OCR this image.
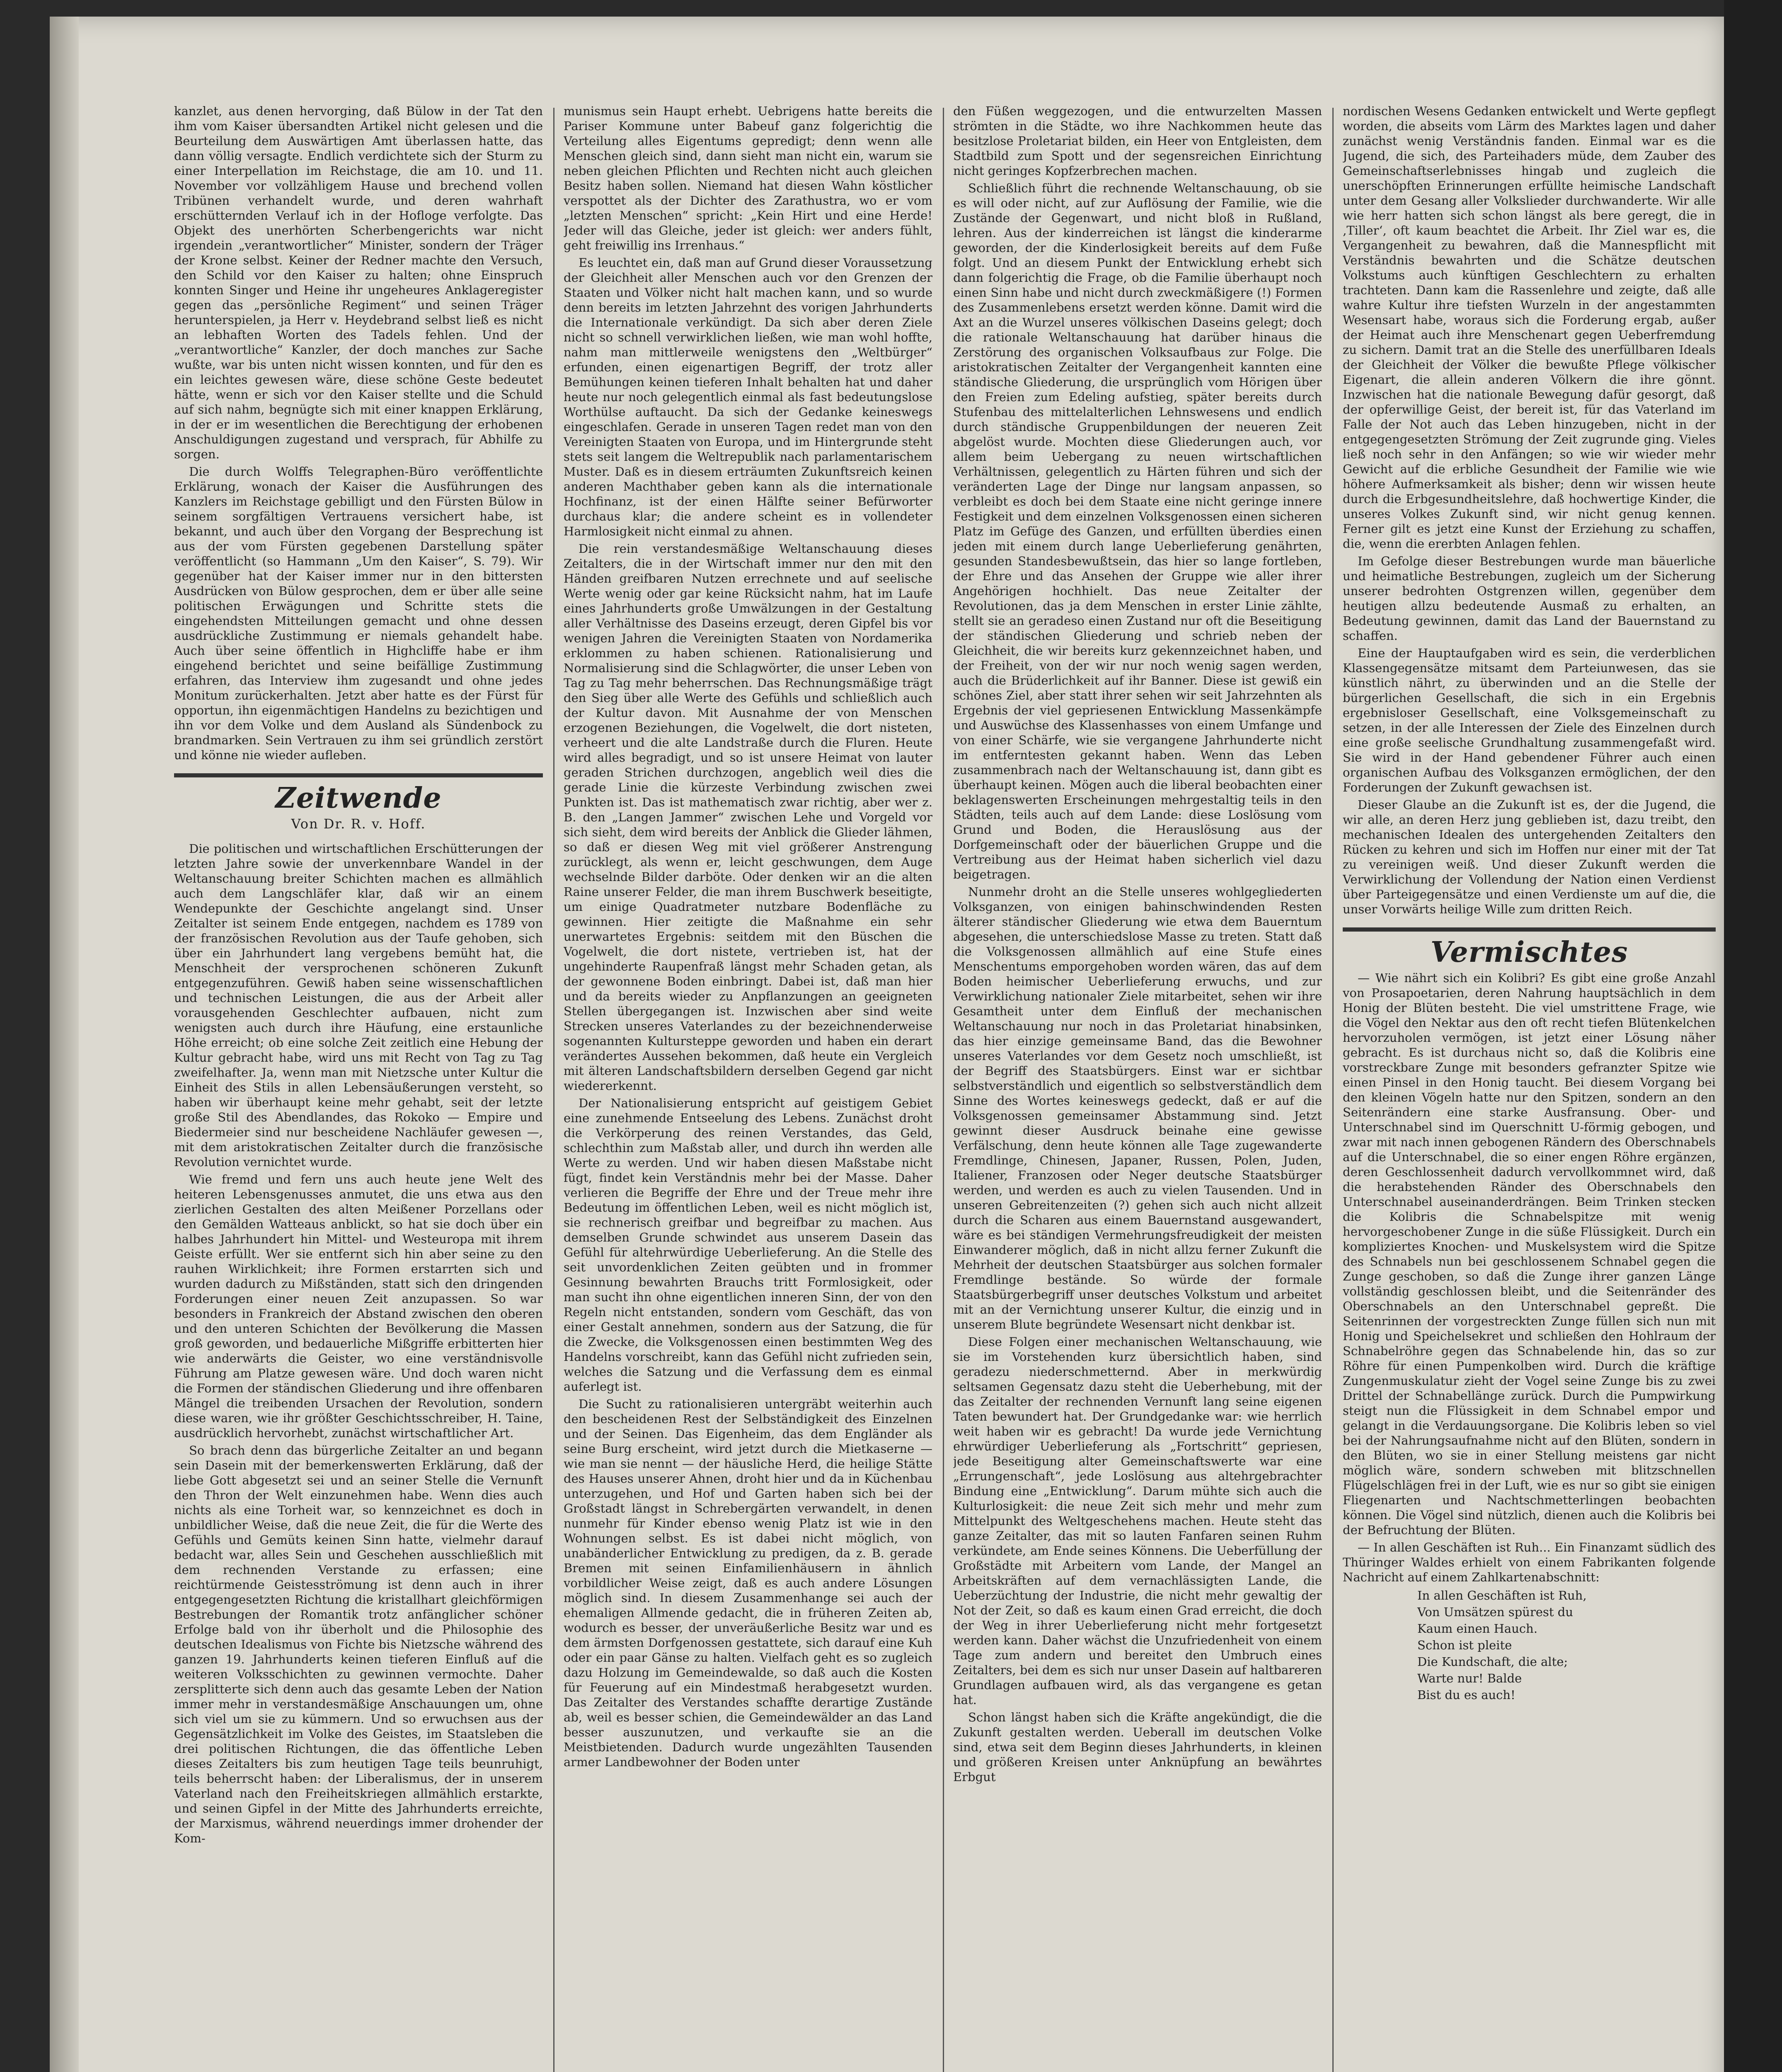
kanzlet, aus denen hervorging, daß Bülow in der Tat den ihm vom Kaiser übersandten Artikel nicht gelesen und die Beurteilung dem Auswärtigen Amt überlassen hatte, das dann völlig versagte. Endlich verdichtete sich der Sturm zu einer Interpellation im Reichstage, die am 10. und 11. November vor vollzähligem Hause und brechend vollen Tribünen verhandelt wurde, und deren wahrhaft erschütternden Verlauf ich in der Hofloge verfolgte. Das Objekt des unerhörten Scherbengerichts war nicht irgendein „verantwortlicher“ Minister, sondern der Träger der Krone selbst. Keiner der Redner machte den Versuch, den Schild vor den Kaiser zu halten; ohne Einspruch konnten Singer und Heine ihr ungeheures Anklageregister gegen das „persönliche Regiment“ und seinen Träger herunterspielen, ja Herr v. Heydebrand selbst ließ es nicht an lebhaften Worten des Tadels fehlen. Und der „verantwortliche“ Kanzler, der doch manches zur Sache wußte, war bis unten nicht wissen konnten, und für den es ein leichtes gewesen wäre, diese schöne Geste bedeutet hätte, wenn er sich vor den Kaiser stellte und die Schuld auf sich nahm, begnügte sich mit einer knappen Erklärung, in der er im wesentlichen die Berechtigung der erhobenen Anschuldigungen zugestand und versprach, für Abhilfe zu sorgen.

Die durch Wolffs Telegraphen-Büro veröffentlichte Erklärung, wonach der Kaiser die Ausführungen des Kanzlers im Reichstage gebilligt und den Fürsten Bülow in seinem sorgfältigen Vertrauens versichert habe, ist bekannt, und auch über den Vorgang der Besprechung ist aus der vom Fürsten gegebenen Darstellung später veröffentlicht (so Hammann „Um den Kaiser“, S. 79). Wir gegenüber hat der Kaiser immer nur in den bittersten Ausdrücken von Bülow gesprochen, dem er über alle seine politischen Erwägungen und Schritte stets die eingehendsten Mitteilungen gemacht und ohne dessen ausdrückliche Zustimmung er niemals gehandelt habe. Auch über seine öffentlich in Highcliffe habe er ihm eingehend berichtet und seine beifällige Zustimmung erfahren, das Interview ihm zugesandt und ohne jedes Monitum zurückerhalten. Jetzt aber hatte es der Fürst für opportun, ihn eigenmächtigen Handelns zu bezichtigen und ihn vor dem Volke und dem Ausland als Sündenbock zu brandmarken. Sein Vertrauen zu ihm sei gründlich zerstört und könne nie wieder aufleben.

Zeitwende
Von Dr. R. v. Hoff.

Die politischen und wirtschaftlichen Erschütterungen der letzten Jahre sowie der unverkennbare Wandel in der Weltanschauung breiter Schichten machen es allmählich auch dem Langschläfer klar, daß wir an einem Wendepunkte der Geschichte angelangt sind. Unser Zeitalter ist seinem Ende entgegen, nachdem es 1789 von der französischen Revolution aus der Taufe gehoben, sich über ein Jahrhundert lang vergebens bemüht hat, die Menschheit der versprochenen schöneren Zukunft entgegenzuführen. Gewiß haben seine wissenschaftlichen und technischen Leistungen, die aus der Arbeit aller vorausgehenden Geschlechter aufbauen, nicht zum wenigsten auch durch ihre Häufung, eine erstaunliche Höhe erreicht; ob eine solche Zeit zeitlich eine Hebung der Kultur gebracht habe, wird uns mit Recht von Tag zu Tag zweifelhafter. Ja, wenn man mit Nietzsche unter Kultur die Einheit des Stils in allen Lebensäußerungen versteht, so haben wir überhaupt keine mehr gehabt, seit der letzte große Stil des Abendlandes, das Rokoko — Empire und Biedermeier sind nur bescheidene Nachläufer gewesen —, mit dem aristokratischen Zeitalter durch die französische Revolution vernichtet wurde.

Wie fremd und fern uns auch heute jene Welt des heiteren Lebensgenusses anmutet, die uns etwa aus den zierlichen Gestalten des alten Meißener Porzellans oder den Gemälden Watteaus anblickt, so hat sie doch über ein halbes Jahrhundert hin Mittel- und Westeuropa mit ihrem Geiste erfüllt. Wer sie entfernt sich hin aber seine zu den rauhen Wirklichkeit; ihre Formen erstarrten sich und wurden dadurch zu Mißständen, statt sich den dringenden Forderungen einer neuen Zeit anzupassen. So war besonders in Frankreich der Abstand zwischen den oberen und den unteren Schichten der Bevölkerung die Massen groß geworden, und bedauerliche Mißgriffe erbitterten hier wie anderwärts die Geister, wo eine verständnisvolle Führung am Platze gewesen wäre. Und doch waren nicht die Formen der ständischen Gliederung und ihre offenbaren Mängel die treibenden Ursachen der Revolution, sondern diese waren, wie ihr größter Geschichtsschreiber, H. Taine, ausdrücklich hervorhebt, zunächst wirtschaftlicher Art.

So brach denn das bürgerliche Zeitalter an und begann sein Dasein mit der bemerkenswerten Erklärung, daß der liebe Gott abgesetzt sei und an seiner Stelle die Vernunft den Thron der Welt einzunehmen habe. Wenn dies auch nichts als eine Torheit war, so kennzeichnet es doch in unbildlicher Weise, daß die neue Zeit, die für die Werte des Gefühls und Gemüts keinen Sinn hatte, vielmehr darauf bedacht war, alles Sein und Geschehen ausschließlich mit dem rechnenden Verstande zu erfassen; eine reichtürmende Geistesströmung ist denn auch in ihrer entgegengesetzten Richtung die kristallhart gleichförmigen Bestrebungen der Romantik trotz anfänglicher schöner Erfolge bald von ihr überholt und die Philosophie des deutschen Idealismus von Fichte bis Nietzsche während des ganzen 19. Jahrhunderts keinen tieferen Einfluß auf die weiteren Volksschichten zu gewinnen vermochte. Daher zersplitterte sich denn auch das gesamte Leben der Nation immer mehr in verstandesmäßige Anschauungen um, ohne sich viel um sie zu kümmern. Und so erwuchsen aus der Gegensätzlichkeit im Volke des Geistes, im Staatsleben die drei politischen Richtungen, die das öffentliche Leben dieses Zeitalters bis zum heutigen Tage teils beunruhigt, teils beherrscht haben: der Liberalismus, der in unserem Vaterland nach den Freiheitskriegen allmählich erstarkte, und seinen Gipfel in der Mitte des Jahrhunderts erreichte, der Marxismus, während neuerdings immer drohender der Kom-

munismus sein Haupt erhebt. Uebrigens hatte bereits die Pariser Kommune unter Babeuf ganz folgerichtig die Verteilung alles Eigentums gepredigt; denn wenn alle Menschen gleich sind, dann sieht man nicht ein, warum sie neben gleichen Pflichten und Rechten nicht auch gleichen Besitz haben sollen. Niemand hat diesen Wahn köstlicher verspottet als der Dichter des Zarathustra, wo er vom „letzten Menschen“ spricht: „Kein Hirt und eine Herde! Jeder will das Gleiche, jeder ist gleich: wer anders fühlt, geht freiwillig ins Irrenhaus.“

Es leuchtet ein, daß man auf Grund dieser Voraussetzung der Gleichheit aller Menschen auch vor den Grenzen der Staaten und Völker nicht halt machen kann, und so wurde denn bereits im letzten Jahrzehnt des vorigen Jahrhunderts die Internationale verkündigt. Da sich aber deren Ziele nicht so schnell verwirklichen ließen, wie man wohl hoffte, nahm man mittlerweile wenigstens den „Weltbürger“ erfunden, einen eigenartigen Begriff, der trotz aller Bemühungen keinen tieferen Inhalt behalten hat und daher heute nur noch gelegentlich einmal als fast bedeutungslose Worthülse auftaucht. Da sich der Gedanke keineswegs eingeschlafen. Gerade in unseren Tagen redet man von den Vereinigten Staaten von Europa, und im Hintergrunde steht stets seit langem die Weltrepublik nach parlamentarischem Muster. Daß es in diesem erträumten Zukunftsreich keinen anderen Machthaber geben kann als die internationale Hochfinanz, ist der einen Hälfte seiner Befürworter durchaus klar; die andere scheint es in vollendeter Harmlosigkeit nicht einmal zu ahnen.

Die rein verstandesmäßige Weltanschauung dieses Zeitalters, die in der Wirtschaft immer nur den mit den Händen greifbaren Nutzen errechnete und auf seelische Werte wenig oder gar keine Rücksicht nahm, hat im Laufe eines Jahrhunderts große Umwälzungen in der Gestaltung aller Verhältnisse des Daseins erzeugt, deren Gipfel bis vor wenigen Jahren die Vereinigten Staaten von Nordamerika erklommen zu haben schienen. Rationalisierung und Normalisierung sind die Schlagwörter, die unser Leben von Tag zu Tag mehr beherrschen. Das Rechnungsmäßige trägt den Sieg über alle Werte des Gefühls und schließlich auch der Kultur davon. Mit Ausnahme der von Menschen erzogenen Beziehungen, die Vogelwelt, die dort nisteten, verheert und die alte Landstraße durch die Fluren. Heute wird alles begradigt, und so ist unsere Heimat von lauter geraden Strichen durchzogen, angeblich weil dies die gerade Linie die kürzeste Verbindung zwischen zwei Punkten ist. Das ist mathematisch zwar richtig, aber wer z. B. den „Langen Jammer“ zwischen Lehe und Vorgeld vor sich sieht, dem wird bereits der Anblick die Glieder lähmen, so daß er diesen Weg mit viel größerer Anstrengung zurücklegt, als wenn er, leicht geschwungen, dem Auge wechselnde Bilder darböte. Oder denken wir an die alten Raine unserer Felder, die man ihrem Buschwerk beseitigte, um einige Quadratmeter nutzbare Bodenfläche zu gewinnen. Hier zeitigte die Maßnahme ein sehr unerwartetes Ergebnis: seitdem mit den Büschen die Vogelwelt, die dort nistete, vertrieben ist, hat der ungehinderte Raupenfraß längst mehr Schaden getan, als der gewonnene Boden einbringt. Dabei ist, daß man hier und da bereits wieder zu Anpflanzungen an geeigneten Stellen übergegangen ist. Inzwischen aber sind weite Strecken unseres Vaterlandes zu der bezeichnenderweise sogenannten Kultursteppe geworden und haben ein derart verändertes Aussehen bekommen, daß heute ein Vergleich mit älteren Landschaftsbildern derselben Gegend gar nicht wiedererkennt.

Der Nationalisierung entspricht auf geistigem Gebiet eine zunehmende Entseelung des Lebens. Zunächst droht die Verkörperung des reinen Verstandes, das Geld, schlechthin zum Maßstab aller, und durch ihn werden alle Werte zu werden. Und wir haben diesen Maßstabe nicht fügt, findet kein Verständnis mehr bei der Masse. Daher verlieren die Begriffe der Ehre und der Treue mehr ihre Bedeutung im öffentlichen Leben, weil es nicht möglich ist, sie rechnerisch greifbar und begreifbar zu machen. Aus demselben Grunde schwindet aus unserem Dasein das Gefühl für altehrwürdige Ueberlieferung. An die Stelle des seit unvordenklichen Zeiten geübten und in frommer Gesinnung bewahrten Brauchs tritt Formlosigkeit, oder man sucht ihn ohne eigentlichen inneren Sinn, der von den Regeln nicht entstanden, sondern vom Geschäft, das von einer Gestalt annehmen, sondern aus der Satzung, die für die Zwecke, die Volksgenossen einen bestimmten Weg des Handelns vorschreibt, kann das Gefühl nicht zufrieden sein, welches die Satzung und die Verfassung dem es einmal auferlegt ist.

Die Sucht zu rationalisieren untergräbt weiterhin auch den bescheidenen Rest der Selbständigkeit des Einzelnen und der Seinen. Das Eigenheim, das dem Engländer als seine Burg erscheint, wird jetzt durch die Mietkaserne — wie man sie nennt — der häusliche Herd, die heilige Stätte des Hauses unserer Ahnen, droht hier und da in Küchenbau unterzugehen, und Hof und Garten haben sich bei der Großstadt längst in Schrebergärten verwandelt, in denen nunmehr für Kinder ebenso wenig Platz ist wie in den Wohnungen selbst. Es ist dabei nicht möglich, von unabänderlicher Entwicklung zu predigen, da z. B. gerade Bremen mit seinen Einfamilienhäusern in ähnlich vorbildlicher Weise zeigt, daß es auch andere Lösungen möglich sind. In diesem Zusammenhange sei auch der ehemaligen Allmende gedacht, die in früheren Zeiten ab, wodurch es besser, der unveräußerliche Besitz war und es dem ärmsten Dorfgenossen gestattete, sich darauf eine Kuh oder ein paar Gänse zu halten. Vielfach geht es so zugleich dazu Holzung im Gemeindewalde, so daß auch die Kosten für Feuerung auf ein Mindestmaß herabgesetzt wurden. Das Zeitalter des Verstandes schaffte derartige Zustände ab, weil es besser schien, die Gemeindewälder an das Land besser auszunutzen, und verkaufte sie an die Meistbietenden. Dadurch wurde ungezählten Tausenden armer Landbewohner der Boden unter

den Füßen weggezogen, und die entwurzelten Massen strömten in die Städte, wo ihre Nachkommen heute das besitzlose Proletariat bilden, ein Heer von Entgleisten, dem Stadtbild zum Spott und der segensreichen Einrichtung nicht geringes Kopfzerbrechen machen.

Schließlich führt die rechnende Weltanschauung, ob sie es will oder nicht, auf zur Auflösung der Familie, wie die Zustände der Gegenwart, und nicht bloß in Rußland, lehren. Aus der kinderreichen ist längst die kinderarme geworden, der die Kinderlosigkeit bereits auf dem Fuße folgt. Und an diesem Punkt der Entwicklung erhebt sich dann folgerichtig die Frage, ob die Familie überhaupt noch einen Sinn habe und nicht durch zweckmäßigere (!) Formen des Zusammenlebens ersetzt werden könne. Damit wird die Axt an die Wurzel unseres völkischen Daseins gelegt; doch die rationale Weltanschauung hat darüber hinaus die Zerstörung des organischen Volksaufbaus zur Folge. Die aristokratischen Zeitalter der Vergangenheit kannten eine ständische Gliederung, die ursprünglich vom Hörigen über den Freien zum Edeling aufstieg, später bereits durch Stufenbau des mittelalterlichen Lehnswesens und endlich durch ständische Gruppenbildungen der neueren Zeit abgelöst wurde. Mochten diese Gliederungen auch, vor allem beim Uebergang zu neuen wirtschaftlichen Verhältnissen, gelegentlich zu Härten führen und sich der veränderten Lage der Dinge nur langsam anpassen, so verbleibt es doch bei dem Staate eine nicht geringe innere Festigkeit und dem einzelnen Volksgenossen einen sicheren Platz im Gefüge des Ganzen, und erfüllten überdies einen jeden mit einem durch lange Ueberlieferung genährten, gesunden Standesbewußtsein, das hier so lange fortleben, der Ehre und das Ansehen der Gruppe wie aller ihrer Angehörigen hochhielt. Das neue Zeitalter der Revolutionen, das ja dem Menschen in erster Linie zählte, stellt sie an geradeso einen Zustand nur oft die Beseitigung der ständischen Gliederung und schrieb neben der Gleichheit, die wir bereits kurz gekennzeichnet haben, und der Freiheit, von der wir nur noch wenig sagen werden, auch die Brüderlichkeit auf ihr Banner. Diese ist gewiß ein schönes Ziel, aber statt ihrer sehen wir seit Jahrzehnten als Ergebnis der viel gepriesenen Entwicklung Massenkämpfe und Auswüchse des Klassenhasses von einem Umfange und von einer Schärfe, wie sie vergangene Jahrhunderte nicht im entferntesten gekannt haben. Wenn das Leben zusammenbrach nach der Weltanschauung ist, dann gibt es überhaupt keinen. Mögen auch die liberal beobachten einer beklagenswerten Erscheinungen mehrgestaltig teils in den Städten, teils auch auf dem Lande: diese Loslösung vom Grund und Boden, die Herauslösung aus der Dorfgemeinschaft oder der bäuerlichen Gruppe und die Vertreibung aus der Heimat haben sicherlich viel dazu beigetragen.

Nunmehr droht an die Stelle unseres wohlgegliederten Volksganzen, von einigen bahinschwindenden Resten älterer ständischer Gliederung wie etwa dem Bauerntum abgesehen, die unterschiedslose Masse zu treten. Statt daß die Volksgenossen allmählich auf eine Stufe eines Menschentums emporgehoben worden wären, das auf dem Boden heimischer Ueberlieferung erwuchs, und zur Verwirklichung nationaler Ziele mitarbeitet, sehen wir ihre Gesamtheit unter dem Einfluß der mechanischen Weltanschauung nur noch in das Proletariat hinabsinken, das hier einzige gemeinsame Band, das die Bewohner unseres Vaterlandes vor dem Gesetz noch umschließt, ist der Begriff des Staatsbürgers. Einst war er sichtbar selbstverständlich und eigentlich so selbstverständlich dem Sinne des Wortes keineswegs gedeckt, daß er auf die Volksgenossen gemeinsamer Abstammung sind. Jetzt gewinnt dieser Ausdruck beinahe eine gewisse Verfälschung, denn heute können alle Tage zugewanderte Fremdlinge, Chinesen, Japaner, Russen, Polen, Juden, Italiener, Franzosen oder Neger deutsche Staatsbürger werden, und werden es auch zu vielen Tausenden. Und in unseren Gebreitenzeiten (?) gehen sich auch nicht allzeit durch die Scharen aus einem Bauernstand ausgewandert, wäre es bei ständigen Vermehrungsfreudigkeit der meisten Einwanderer möglich, daß in nicht allzu ferner Zukunft die Mehrheit der deutschen Staatsbürger aus solchen formaler Fremdlinge bestände. So würde der formale Staatsbürgerbegriff unser deutsches Volkstum und arbeitet mit an der Vernichtung unserer Kultur, die einzig und in unserem Blute begründete Wesensart nicht denkbar ist.

Diese Folgen einer mechanischen Weltanschauung, wie sie im Vorstehenden kurz übersichtlich haben, sind geradezu niederschmetternd. Aber in merkwürdig seltsamen Gegensatz dazu steht die Ueberhebung, mit der das Zeitalter der rechnenden Vernunft lang seine eigenen Taten bewundert hat. Der Grundgedanke war: wie herrlich weit haben wir es gebracht! Da wurde jede Vernichtung ehrwürdiger Ueberlieferung als „Fortschritt“ gepriesen, jede Beseitigung alter Gemeinschaftswerte war eine „Errungenschaft“, jede Loslösung aus altehrgebrachter Bindung eine „Entwicklung“. Darum mühte sich auch die Kulturlosigkeit: die neue Zeit sich mehr und mehr zum Mittelpunkt des Weltgeschehens machen. Heute steht das ganze Zeitalter, das mit so lauten Fanfaren seinen Ruhm verkündete, am Ende seines Könnens. Die Ueberfüllung der Großstädte mit Arbeitern vom Lande, der Mangel an Arbeitskräften auf dem vernachlässigten Lande, die Ueberzüchtung der Industrie, die nicht mehr gewaltig der Not der Zeit, so daß es kaum einen Grad erreicht, die doch der Weg in ihrer Ueberlieferung nicht mehr fortgesetzt werden kann. Daher wächst die Unzufriedenheit von einem Tage zum andern und bereitet den Umbruch eines Zeitalters, bei dem es sich nur unser Dasein auf haltbareren Grundlagen aufbauen wird, als das vergangene es getan hat.

Schon längst haben sich die Kräfte angekündigt, die die Zukunft gestalten werden. Ueberall im deutschen Volke sind, etwa seit dem Beginn dieses Jahrhunderts, in kleinen und größeren Kreisen unter Anknüpfung an bewährtes Erbgut

nordischen Wesens Gedanken entwickelt und Werte gepflegt worden, die abseits vom Lärm des Marktes lagen und daher zunächst wenig Verständnis fanden. Einmal war es die Jugend, die sich, des Parteihaders müde, dem Zauber des Gemeinschaftserlebnisses hingab und zugleich die unerschöpften Erinnerungen erfüllte heimische Landschaft unter dem Gesang aller Volkslieder durchwanderte. Wir alle wie herr hatten sich schon längst als bere geregt, die in ‚Tiller‘, oft kaum beachtet die Arbeit. Ihr Ziel war es, die Vergangenheit zu bewahren, daß die Mannespflicht mit Verständnis bewahrten und die Schätze deutschen Volkstums auch künftigen Geschlechtern zu erhalten trachteten. Dann kam die Rassenlehre und zeigte, daß alle wahre Kultur ihre tiefsten Wurzeln in der angestammten Wesensart habe, woraus sich die Forderung ergab, außer der Heimat auch ihre Menschenart gegen Ueberfremdung zu sichern. Damit trat an die Stelle des unerfüllbaren Ideals der Gleichheit der Völker die bewußte Pflege völkischer Eigenart, die allein anderen Völkern die ihre gönnt. Inzwischen hat die nationale Bewegung dafür gesorgt, daß der opferwillige Geist, der bereit ist, für das Vaterland im Falle der Not auch das Leben hinzugeben, nicht in der entgegengesetzten Strömung der Zeit zugrunde ging. Vieles ließ noch sehr in den Anfängen; so wie wir wieder mehr Gewicht auf die erbliche Gesundheit der Familie wie wie höhere Aufmerksamkeit als bisher; denn wir wissen heute durch die Erbgesundheitslehre, daß hochwertige Kinder, die unseres Volkes Zukunft sind, wir nicht genug kennen. Ferner gilt es jetzt eine Kunst der Erziehung zu schaffen, die, wenn die ererbten Anlagen fehlen.

Im Gefolge dieser Bestrebungen wurde man bäuerliche und heimatliche Bestrebungen, zugleich um der Sicherung unserer bedrohten Ostgrenzen willen, gegenüber dem heutigen allzu bedeutende Ausmaß zu erhalten, an Bedeutung gewinnen, damit das Land der Bauernstand zu schaffen.

Eine der Hauptaufgaben wird es sein, die verderblichen Klassengegensätze mitsamt dem Parteiunwesen, das sie künstlich nährt, zu überwinden und an die Stelle der bürgerlichen Gesellschaft, die sich in ein Ergebnis ergebnisloser Gesellschaft, eine Volksgemeinschaft zu setzen, in der alle Interessen der Ziele des Einzelnen durch eine große seelische Grundhaltung zusammengefaßt wird. Sie wird in der Hand gebendener Führer auch einen organischen Aufbau des Volksganzen ermöglichen, der den Forderungen der Zukunft gewachsen ist.

Dieser Glaube an die Zukunft ist es, der die Jugend, die wir alle, an deren Herz jung geblieben ist, dazu treibt, den mechanischen Idealen des untergehenden Zeitalters den Rücken zu kehren und sich im Hoffen nur einer mit der Tat zu vereinigen weiß. Und dieser Zukunft werden die Verwirklichung der Vollendung der Nation einen Verdienst über Parteigegensätze und einen Verdienste um auf die, die unser Vorwärts heilige Wille zum dritten Reich.

Vermischtes

— Wie nährt sich ein Kolibri? Es gibt eine große Anzahl von Prosapoetarien, deren Nahrung hauptsächlich in dem Honig der Blüten besteht. Die viel umstrittene Frage, wie die Vögel den Nektar aus den oft recht tiefen Blütenkelchen hervorzuholen vermögen, ist jetzt einer Lösung näher gebracht. Es ist durchaus nicht so, daß die Kolibris eine vorstreckbare Zunge mit besonders gefranzter Spitze wie einen Pinsel in den Honig taucht. Bei diesem Vorgang bei den kleinen Vögeln hatte nur den Spitzen, sondern an den Seitenrändern eine starke Ausfransung. Ober- und Unterschnabel sind im Querschnitt U-förmig gebogen, und zwar mit nach innen gebogenen Rändern des Oberschnabels auf die Unterschnabel, die so einer engen Röhre ergänzen, deren Geschlossenheit dadurch vervollkommnet wird, daß die herabstehenden Ränder des Oberschnabels den Unterschnabel auseinanderdrängen. Beim Trinken stecken die Kolibris die Schnabelspitze mit wenig hervorgeschobener Zunge in die süße Flüssigkeit. Durch ein kompliziertes Knochen- und Muskelsystem wird die Spitze des Schnabels nun bei geschlossenem Schnabel gegen die Zunge geschoben, so daß die Zunge ihrer ganzen Länge vollständig geschlossen bleibt, und die Seitenränder des Oberschnabels an den Unterschnabel gepreßt. Die Seitenrinnen der vorgestreckten Zunge füllen sich nun mit Honig und Speichelsekret und schließen den Hohlraum der Schnabelröhre gegen das Schnabelende hin, das so zur Röhre für einen Pumpenkolben wird. Durch die kräftige Zungenmuskulatur zieht der Vogel seine Zunge bis zu zwei Drittel der Schnabellänge zurück. Durch die Pumpwirkung steigt nun die Flüssigkeit in dem Schnabel empor und gelangt in die Verdauungsorgane. Die Kolibris leben so viel bei der Nahrungsaufnahme nicht auf den Blüten, sondern in den Blüten, wo sie in einer Stellung meistens gar nicht möglich wäre, sondern schweben mit blitzschnellen Flügelschlägen frei in der Luft, wie es nur so gibt sie einigen Fliegenarten und Nachtschmetterlingen beobachten können. Die Vögel sind nützlich, dienen auch die Kolibris bei der Befruchtung der Blüten.

— In allen Geschäften ist Ruh... Ein Finanzamt südlich des Thüringer Waldes erhielt von einem Fabrikanten folgende Nachricht auf einem Zahlkartenabschnitt:

In allen Geschäften ist Ruh,
Von Umsätzen spürest du
Kaum einen Hauch.
Schon ist pleite
Die Kundschaft, die alte;
Warte nur! Balde
Bist du es auch!
